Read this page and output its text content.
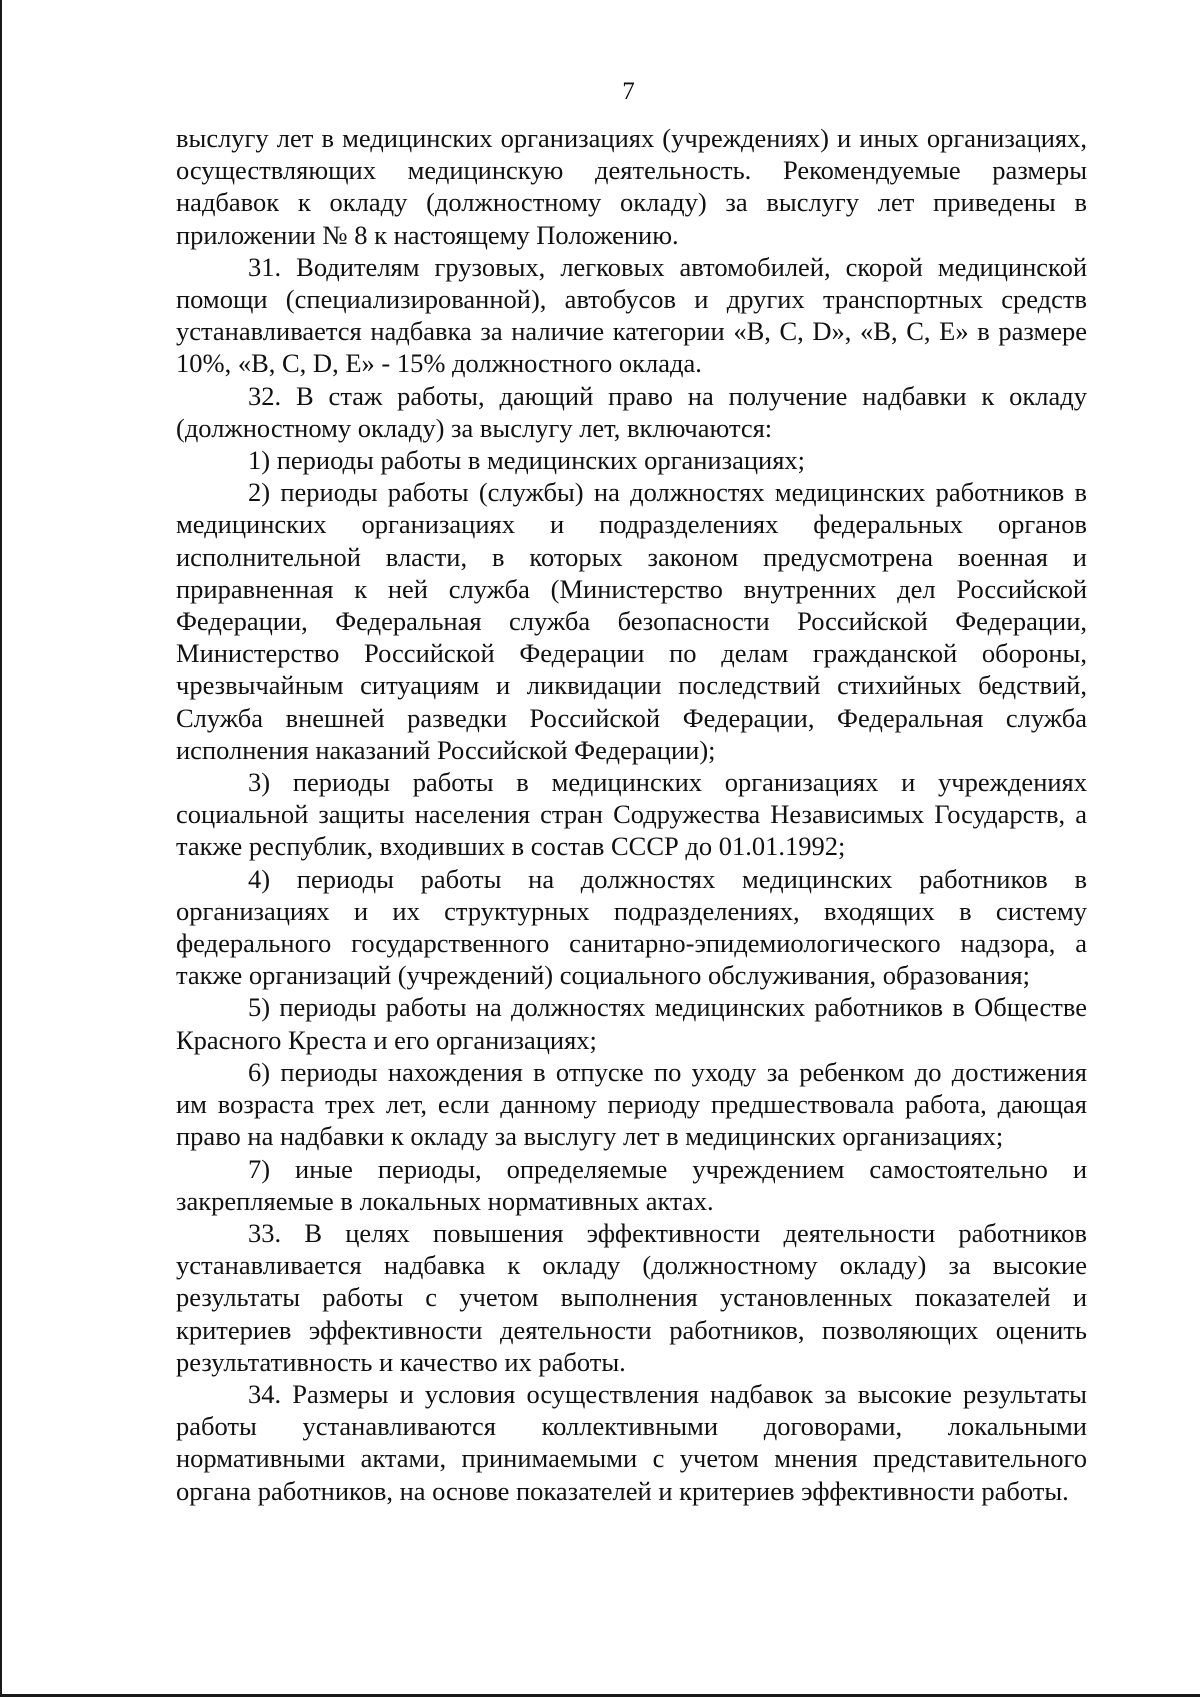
7

выслугу лет в медицинских организациях (учреждениях) и иных организациях, осуществляющих медицинскую деятельность. Рекомендуемые размеры надбавок к окладу (должностному окладу) за выслугу лет приведены в приложении № 8 к настоящему Положению.

31. Водителям грузовых, легковых автомобилей, скорой медицинской помощи (специализированной), автобусов и других транспортных средств устанавливается надбавка за наличие категории «B, C, D», «B, C, E» в размере 10%, «B, C, D, E» - 15% должностного оклада.

32. В стаж работы, дающий право на получение надбавки к окладу (должностному окладу) за выслугу лет, включаются:

1) периоды работы в медицинских организациях;

2) периоды работы (службы) на должностях медицинских работников в медицинских организациях и подразделениях федеральных органов исполнительной власти, в которых законом предусмотрена военная и приравненная к ней служба (Министерство внутренних дел Российской Федерации, Федеральная служба безопасности Российской Федерации, Министерство Российской Федерации по делам гражданской обороны, чрезвычайным ситуациям и ликвидации последствий стихийных бедствий, Служба внешней разведки Российской Федерации, Федеральная служба исполнения наказаний Российской Федерации);

3) периоды работы в медицинских организациях и учреждениях социальной защиты населения стран Содружества Независимых Государств, а также республик, входивших в состав СССР до 01.01.1992;

4) периоды работы на должностях медицинских работников в организациях и их структурных подразделениях, входящих в систему федерального государственного санитарно-эпидемиологического надзора, а также организаций (учреждений) социального обслуживания, образования;

5) периоды работы на должностях медицинских работников в Обществе Красного Креста и его организациях;

6) периоды нахождения в отпуске по уходу за ребенком до достижения им возраста трех лет, если данному периоду предшествовала работа, дающая право на надбавки к окладу за выслугу лет в медицинских организациях;

7) иные периоды, определяемые учреждением самостоятельно и закрепляемые в локальных нормативных актах.

33. В целях повышения эффективности деятельности работников устанавливается надбавка к окладу (должностному окладу) за высокие результаты работы с учетом выполнения установленных показателей и критериев эффективности деятельности работников, позволяющих оценить результативность и качество их работы.

34. Размеры и условия осуществления надбавок за высокие результаты работы устанавливаются коллективными договорами, локальными нормативными актами, принимаемыми с учетом мнения представительного органа работников, на основе показателей и критериев эффективности работы.
